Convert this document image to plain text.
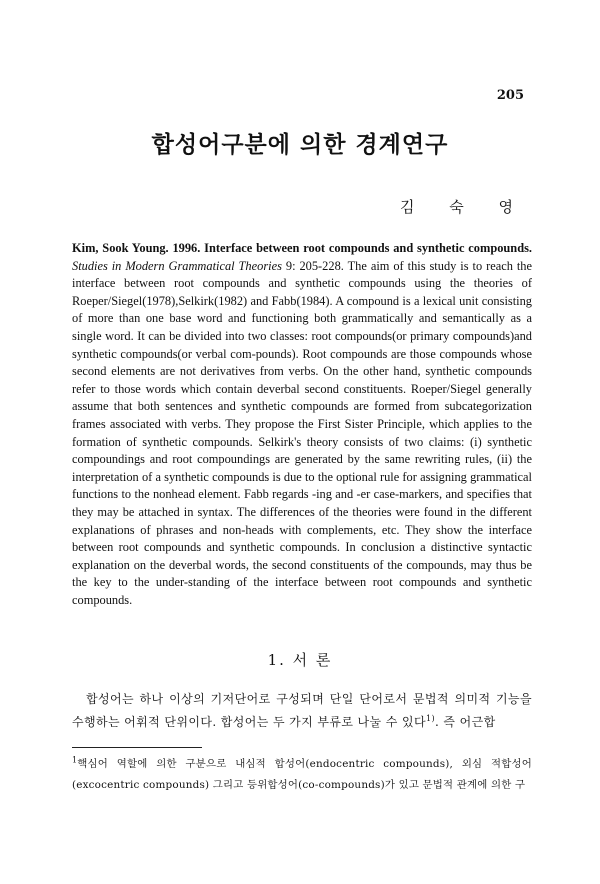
205
합성어구분에 의한 경계연구
김 숙 영
Kim, Sook Young. 1996. Interface between root compounds and synthetic compounds. Studies in Modern Grammatical Theories 9: 205-228. The aim of this study is to reach the interface between root compounds and synthetic compounds using the theories of Roeper/Siegel(1978),Selkirk(1982) and Fabb(1984). A compound is a lexical unit consisting of more than one base word and functioning both grammatically and semantically as a single word. It can be divided into two classes: root compounds(or primary compounds)and synthetic compounds(or verbal com-pounds). Root compounds are those compounds whose second elements are not derivatives from verbs. On the other hand, synthetic compounds refer to those words which contain deverbal second constituents. Roeper/Siegel generally assume that both sentences and synthetic compounds are formed from subcategorization frames associated with verbs. They propose the First Sister Principle, which applies to the formation of synthetic compounds. Selkirk's theory consists of two claims: (i) synthetic compoundings and root compoundings are generated by the same rewriting rules, (ii) the interpretation of a synthetic compounds is due to the optional rule for assigning grammatical functions to the nonhead element. Fabb regards -ing and -er case-markers, and specifies that they may be attached in syntax. The differences of the theories were found in the different explanations of phrases and non-heads with complements, etc. They show the interface between root compounds and synthetic compounds. In conclusion a distinctive syntactic explanation on the deverbal words, the second constituents of the compounds, may thus be the key to the under-standing of the interface between root compounds and synthetic compounds.
1. 서 론
합성어는 하나 이상의 기저단어로 구성되며 단일 단어로서 문법적 의미적 기능을 수행하는 어휘적 단위이다. 합성어는 두 가지 부류로 나눌 수 있다$^{1)}$. 즉 어근합
$^1$핵심어 역할에 의한 구분으로 내심적 합성어(endocentric compounds), 외심 적합성어(excocentric compounds) 그리고 등위합성어(co-compounds)가 있고 문법적 관계에 의한 구
